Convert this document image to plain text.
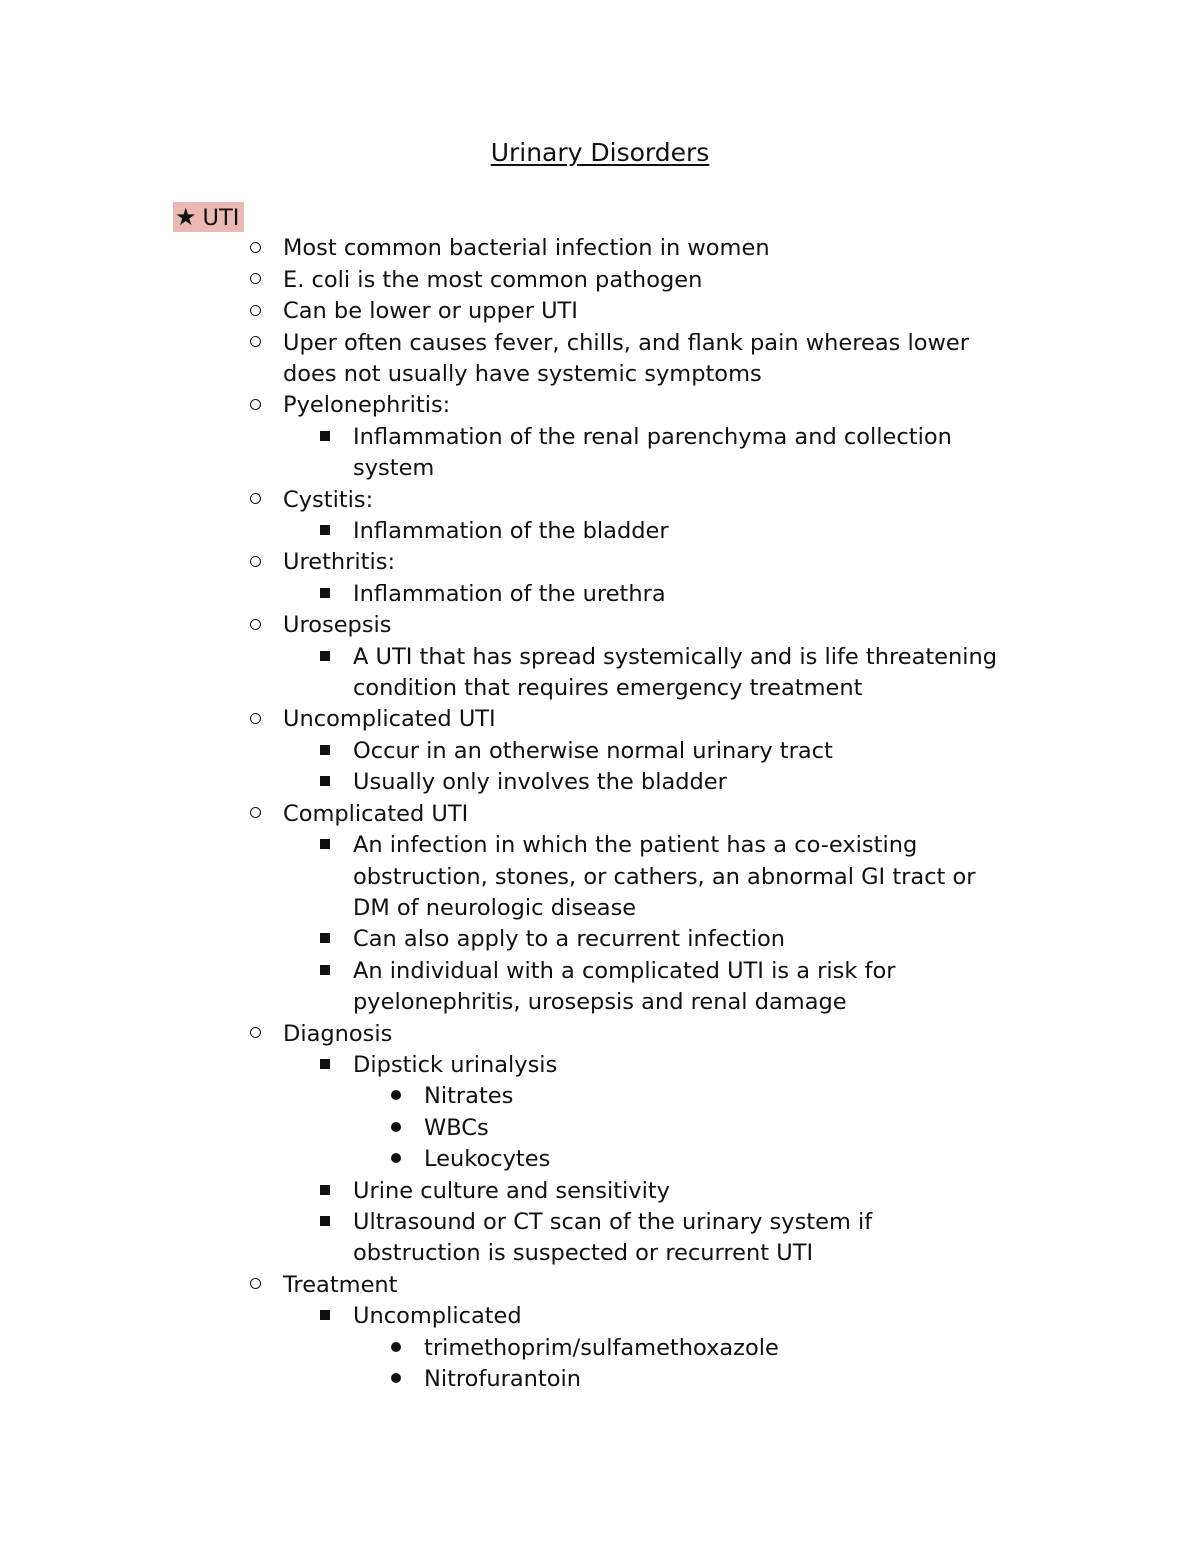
Urinary Disorders
★ UTI
Most common bacterial infection in women
E. coli is the most common pathogen
Can be lower or upper UTI
Uper often causes fever, chills, and flank pain whereas lower
does not usually have systemic symptoms
Pyelonephritis:
Inflammation of the renal parenchyma and collection
system
Cystitis:
Inflammation of the bladder
Urethritis:
Inflammation of the urethra
Urosepsis
A UTI that has spread systemically and is life threatening
condition that requires emergency treatment
Uncomplicated UTI
Occur in an otherwise normal urinary tract
Usually only involves the bladder
Complicated UTI
An infection in which the patient has a co-existing
obstruction, stones, or cathers, an abnormal GI tract or
DM of neurologic disease
Can also apply to a recurrent infection
An individual with a complicated UTI is a risk for
pyelonephritis, urosepsis and renal damage
Diagnosis
Dipstick urinalysis
Nitrates
WBCs
Leukocytes
Urine culture and sensitivity
Ultrasound or CT scan of the urinary system if
obstruction is suspected or recurrent UTI
Treatment
Uncomplicated
trimethoprim/sulfamethoxazole
Nitrofurantoin
